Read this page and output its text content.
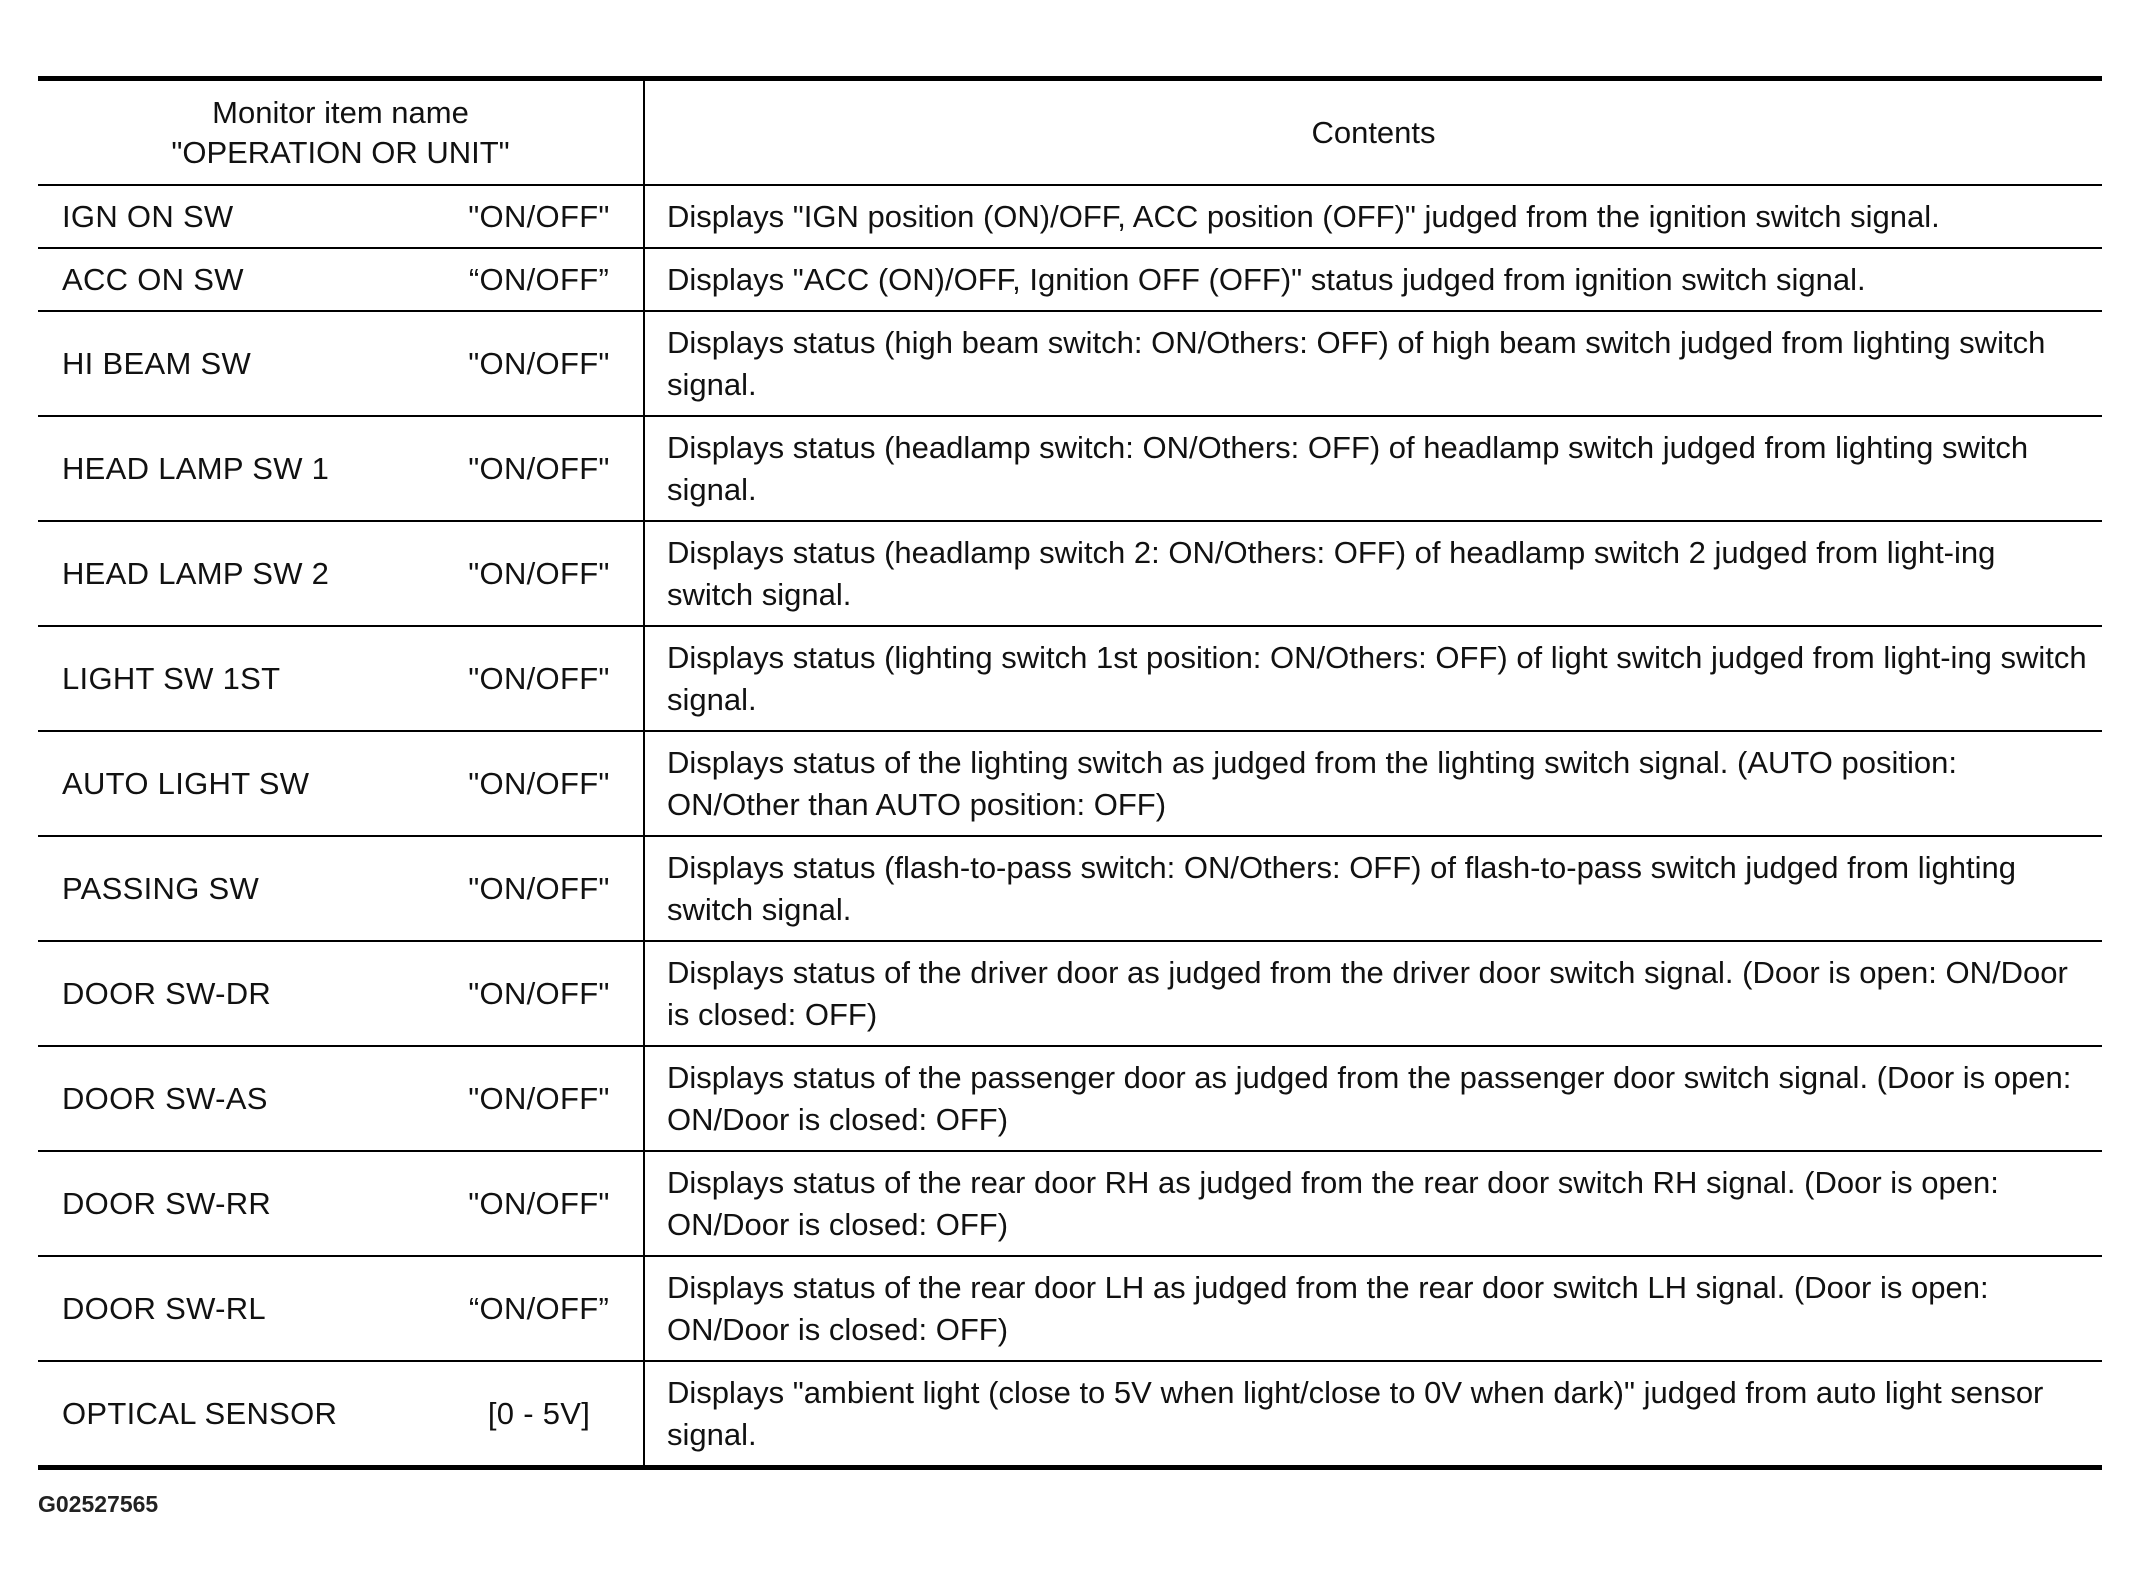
Monitor item name
"OPERATION OR UNIT"	Contents
IGN ON SW "ON/OFF"	Displays "IGN position (ON)/OFF, ACC position (OFF)" judged from the ignition switch signal.

ACC ON SW “ON/OFF”	Displays "ACC (ON)/OFF, Ignition OFF (OFF)" status judged from ignition switch signal.

HI BEAM SW "ON/OFF"	Displays status (high beam switch: ON/Others: OFF) of high beam switch judged from lighting switch signal.

HEAD LAMP SW 1 "ON/OFF"	Displays status (headlamp switch: ON/Others: OFF) of headlamp switch judged from lighting switch signal.

HEAD LAMP SW 2 "ON/OFF"	Displays status (headlamp switch 2: ON/Others: OFF) of headlamp switch 2 judged from light-ing switch signal.

LIGHT SW 1ST "ON/OFF"	Displays status (lighting switch 1st position: ON/Others: OFF) of light switch judged from light-ing switch signal.

AUTO LIGHT SW "ON/OFF"	Displays status of the lighting switch as judged from the lighting switch signal. (AUTO position: ON/Other than AUTO position: OFF)

PASSING SW "ON/OFF"	Displays status (flash-to-pass switch: ON/Others: OFF) of flash-to-pass switch judged from lighting switch signal.

DOOR SW-DR "ON/OFF"	Displays status of the driver door as judged from the driver door switch signal. (Door is open: ON/Door is closed: OFF)

DOOR SW-AS "ON/OFF"	Displays status of the passenger door as judged from the passenger door switch signal. (Door is open: ON/Door is closed: OFF)

DOOR SW-RR "ON/OFF"	Displays status of the rear door RH as judged from the rear door switch RH signal. (Door is open: ON/Door is closed: OFF)

DOOR SW-RL “ON/OFF”	Displays status of the rear door LH as judged from the rear door switch LH signal. (Door is open: ON/Door is closed: OFF)

OPTICAL SENSOR [0 - 5V]	Displays "ambient light (close to 5V when light/close to 0V when dark)" judged from auto light sensor signal.
G02527565
